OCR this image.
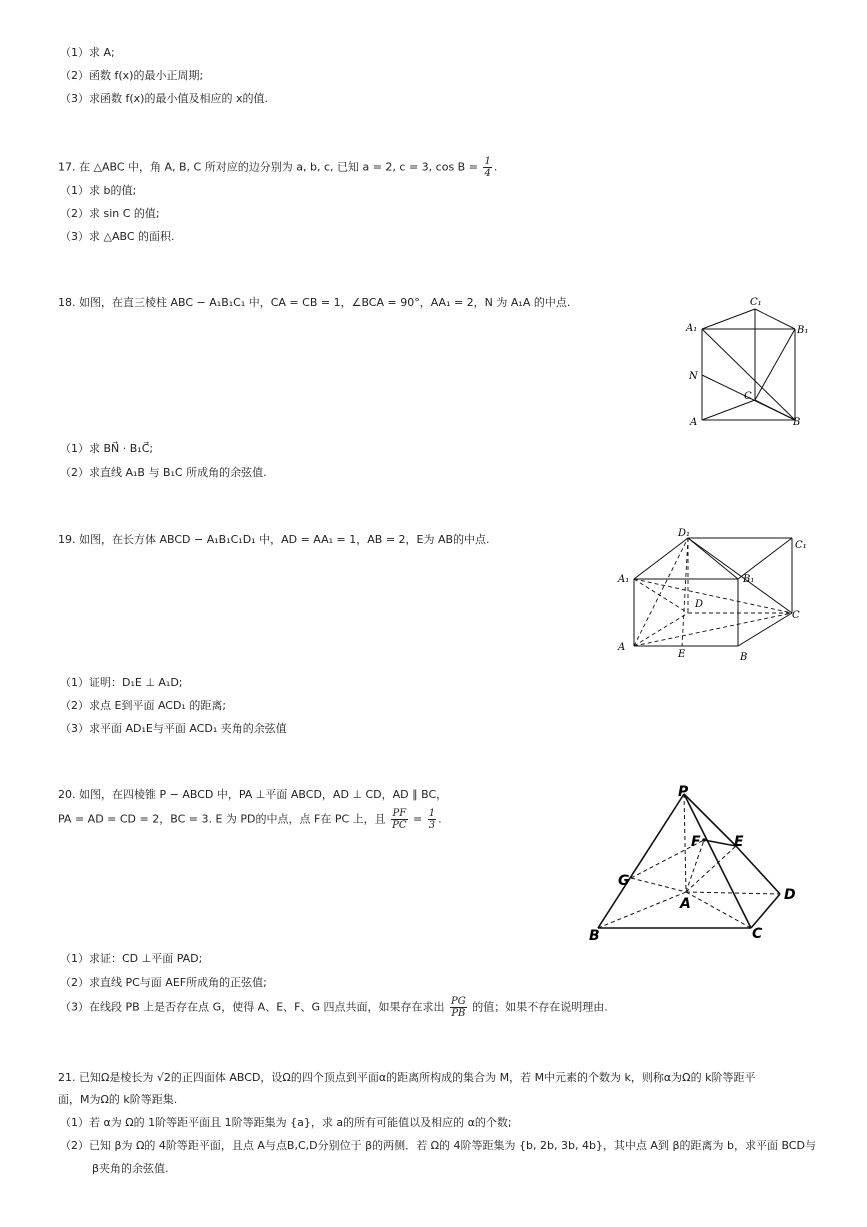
（1）求 A;
（2）函数 f(x)的最小正周期;
（3）求函数 f(x)的最小值及相应的 x的值.
17. 在 △ABC 中，角 A, B, C 所对应的边分别为 a, b, c, 已知 a = 2, c = 3, $\cos B = \frac{1}{4}$ .
（1）求 b的值;
（2）求 sin C 的值;
（3）求 △ABC 的面积.
18. 如图，在直三棱柱 ABC − A₁B₁C₁ 中，CA = CB = 1，∠BCA = 90°，AA₁ = 2，N 为 A₁A 的中点.	C₁
A₁	B₁
N
C
A	B
（1）求 BN⃗ · B₁C⃗;
（2）求直线 A₁B 与 B₁C 所成角的余弦值.
19. 如图，在长方体 ABCD − A₁B₁C₁D₁ 中，AD = AA₁ = 1，AB = 2，E为 AB的中点.	D₁
C₁
A₁	B₁
D
C
A
E	B
（1）证明：D₁E ⊥ A₁D;
（2）求点 E到平面 ACD₁ 的距离;
（3）求平面 AD₁E与平面 ACD₁ 夹角的余弦值
20. 如图，在四棱锥 P − ABCD 中，PA ⊥平面 ABCD，AD ⊥ CD，AD ∥ BC，
PA = AD = CD = 2，BC = 3. E 为 PD的中点，点 F在 PC 上，且 $\frac{PF}{PC} = \frac{1}{3}$ .
P
F E
G
A
D
B	C
（1）求证：CD ⊥平面 PAD;
（2）求直线 PC与面 AEF所成角的正弦值;
（3）在线段 PB 上是否存在点 G，使得 A、E、F、G 四点共面，如果存在求出 $\frac{PG}{PB}$ 的值；如果不存在说明理由.
21. 已知Ω是棱长为 √2的正四面体 ABCD，设Ω的四个顶点到平面α的距离所构成的集合为 M，若 M中元素的个数为 k，则称α为Ω的 k阶等距平
面，M为Ω的 k阶等距集.
（1）若 α为 Ω的 1阶等距平面且 1阶等距集为 {a}，求 a的所有可能值以及相应的 α的个数;
（2）已知 β为 Ω的 4阶等距平面，且点 A与点B,C,D分别位于 β的两侧．若 Ω的 4阶等距集为 {b, 2b, 3b, 4b}，其中点 A到 β的距离为 b，求平面 BCD与
β夹角的余弦值.
